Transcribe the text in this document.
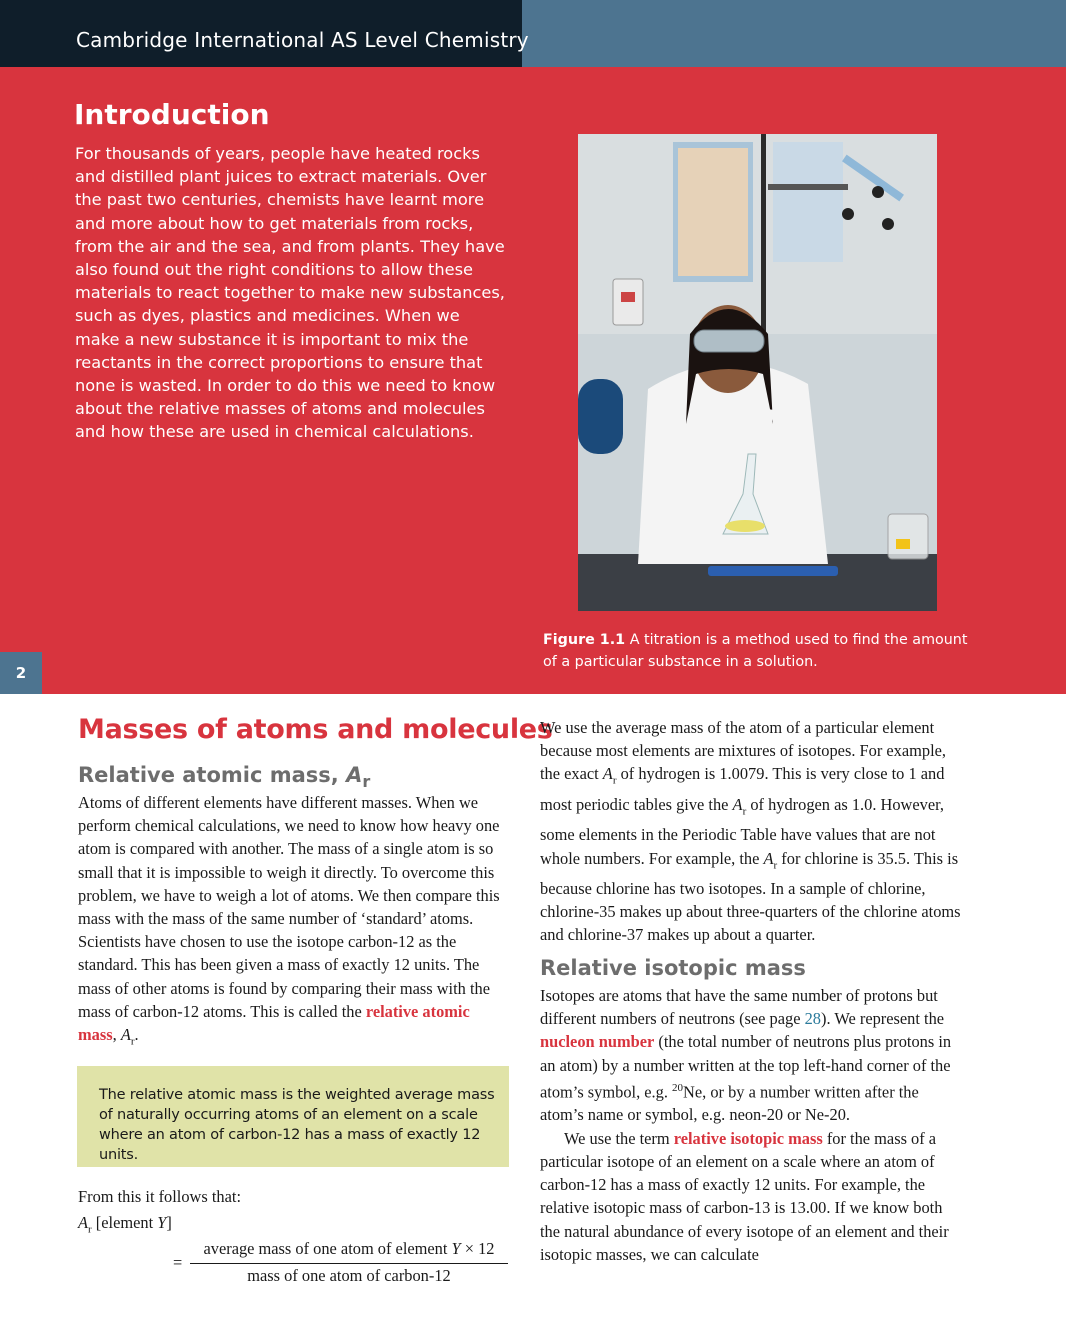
Cambridge International AS Level Chemistry
2
Introduction
For thousands of years, people have heated rocks and distilled plant juices to extract materials. Over the past two centuries, chemists have learnt more and more about how to get materials from rocks, from the air and the sea, and from plants. They have also found out the right conditions to allow these materials to react together to make new substances, such as dyes, plastics and medicines. When we make a new substance it is important to mix the reactants in the correct proportions to ensure that none is wasted. In order to do this we need to know about the relative masses of atoms and molecules and how these are used in chemical calculations.
Figure 1.1 A titration is a method used to find the amount of a particular substance in a solution.
Masses of atoms and molecules
Relative atomic mass, $A_r$
Atoms of different elements have different masses. When we perform chemical calculations, we need to know how heavy one atom is compared with another. The mass of a single atom is so small that it is impossible to weigh it directly. To overcome this problem, we have to weigh a lot of atoms. We then compare this mass with the mass of the same number of ‘standard’ atoms. Scientists have chosen to use the isotope carbon-12 as the standard. This has been given a mass of exactly 12 units. The mass of other atoms is found by comparing their mass with the mass of carbon-12 atoms. This is called the relative atomic mass, $A_r$.
The relative atomic mass is the weighted average mass of naturally occurring atoms of an element on a scale where an atom of carbon-12 has a mass of exactly 12 units.
From this it follows that:
$A_r$ [element Y]
=
average mass of one atom of element Y × 12
mass of one atom of carbon-12
We use the average mass of the atom of a particular element because most elements are mixtures of isotopes. For example, the exact $A_r$ of hydrogen is 1.0079. This is very close to 1 and most periodic tables give the $A_r$ of hydrogen as 1.0. However, some elements in the Periodic Table have values that are not whole numbers. For example, the $A_r$ for chlorine is 35.5. This is because chlorine has two isotopes. In a sample of chlorine, chlorine-35 makes up about three-quarters of the chlorine atoms and chlorine-37 makes up about a quarter.
Relative isotopic mass
Isotopes are atoms that have the same number of protons but different numbers of neutrons (see page 28). We represent the nucleon number (the total number of neutrons plus protons in an atom) by a number written at the top left-hand corner of the atom’s symbol, e.g. $^{20}$Ne, or by a number written after the atom’s name or symbol, e.g. neon-20 or Ne-20.
We use the term relative isotopic mass for the mass of a particular isotope of an element on a scale where an atom of carbon-12 has a mass of exactly 12 units. For example, the relative isotopic mass of carbon-13 is 13.00. If we know both the natural abundance of every isotope of an element and their isotopic masses, we can calculate
